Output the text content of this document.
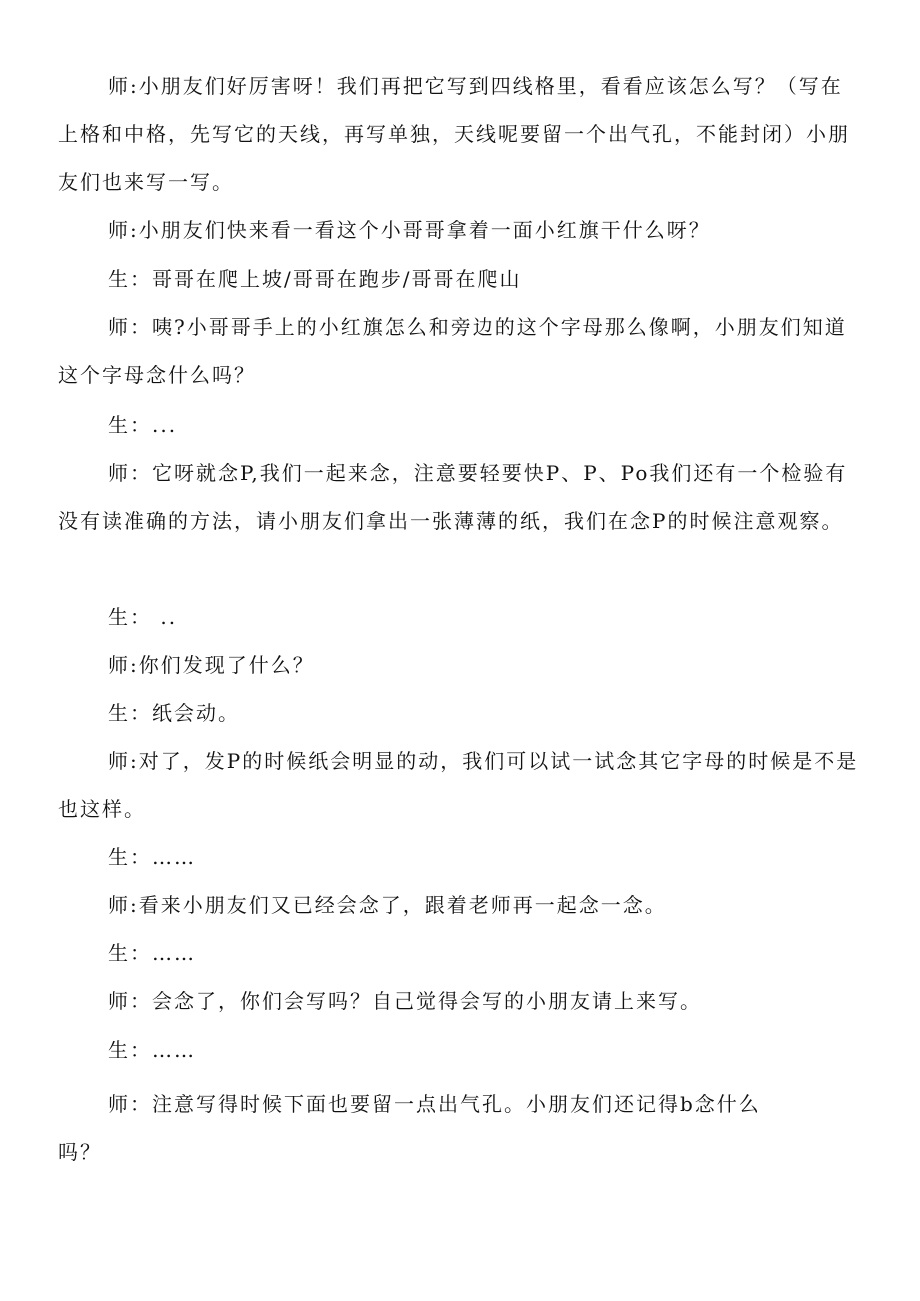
师:小朋友们好厉害呀！我们再把它写到四线格里，看看应该怎么写？（写在上格和中格，先写它的天线，再写单独，天线呢要留一个出气孔，不能封闭）小朋友们也来写一写。

师:小朋友们快来看一看这个小哥哥拿着一面小红旗干什么呀？

生：哥哥在爬上坡/哥哥在跑步/哥哥在爬山

师：咦?小哥哥手上的小红旗怎么和旁边的这个字母那么像啊，小朋友们知道这个字母念什么吗？

生：...

师：它呀就念P,我们一起来念，注意要轻要快P、P、Po我们还有一个检验有没有读准确的方法，请小朋友们拿出一张薄薄的纸，我们在念P的时候注意观察。

生： ..

师:你们发现了什么？

生：纸会动。

师:对了，发P的时候纸会明显的动，我们可以试一试念其它字母的时候是不是也这样。

生：……

师:看来小朋友们又已经会念了，跟着老师再一起念一念。

生：……

师：会念了，你们会写吗？自己觉得会写的小朋友请上来写。

生：……

师：注意写得时候下面也要留一点出气孔。小朋友们还记得b念什么吗？
